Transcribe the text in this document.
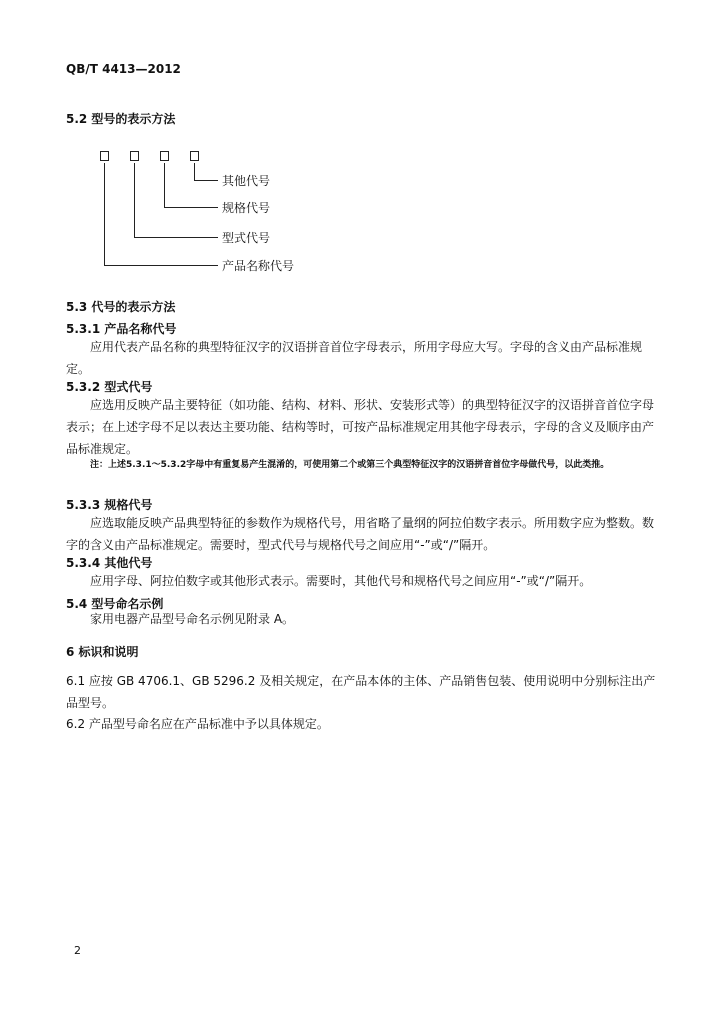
QB/T 4413—2012
5.2 型号的表示方法
其他代号
规格代号
型式代号
产品名称代号
5.3 代号的表示方法
5.3.1 产品名称代号
应用代表产品名称的典型特征汉字的汉语拼音首位字母表示，所用字母应大写。字母的含义由产品标准规定。
5.3.2 型式代号
应选用反映产品主要特征（如功能、结构、材料、形状、安装形式等）的典型特征汉字的汉语拼音首位字母表示；在上述字母不足以表达主要功能、结构等时，可按产品标准规定用其他字母表示，字母的含义及顺序由产品标准规定。
注：上述5.3.1～5.3.2字母中有重复易产生混淆的，可使用第二个或第三个典型特征汉字的汉语拼音首位字母做代号，以此类推。
5.3.3 规格代号
应选取能反映产品典型特征的参数作为规格代号，用省略了量纲的阿拉伯数字表示。所用数字应为整数。数字的含义由产品标准规定。需要时，型式代号与规格代号之间应用“-”或“/”隔开。
5.3.4 其他代号
应用字母、阿拉伯数字或其他形式表示。需要时，其他代号和规格代号之间应用“-”或“/”隔开。
5.4 型号命名示例
家用电器产品型号命名示例见附录 A。
6 标识和说明
6.1 应按 GB 4706.1、GB 5296.2 及相关规定，在产品本体的主体、产品销售包装、使用说明中分别标注出产品型号。
6.2 产品型号命名应在产品标准中予以具体规定。
2
